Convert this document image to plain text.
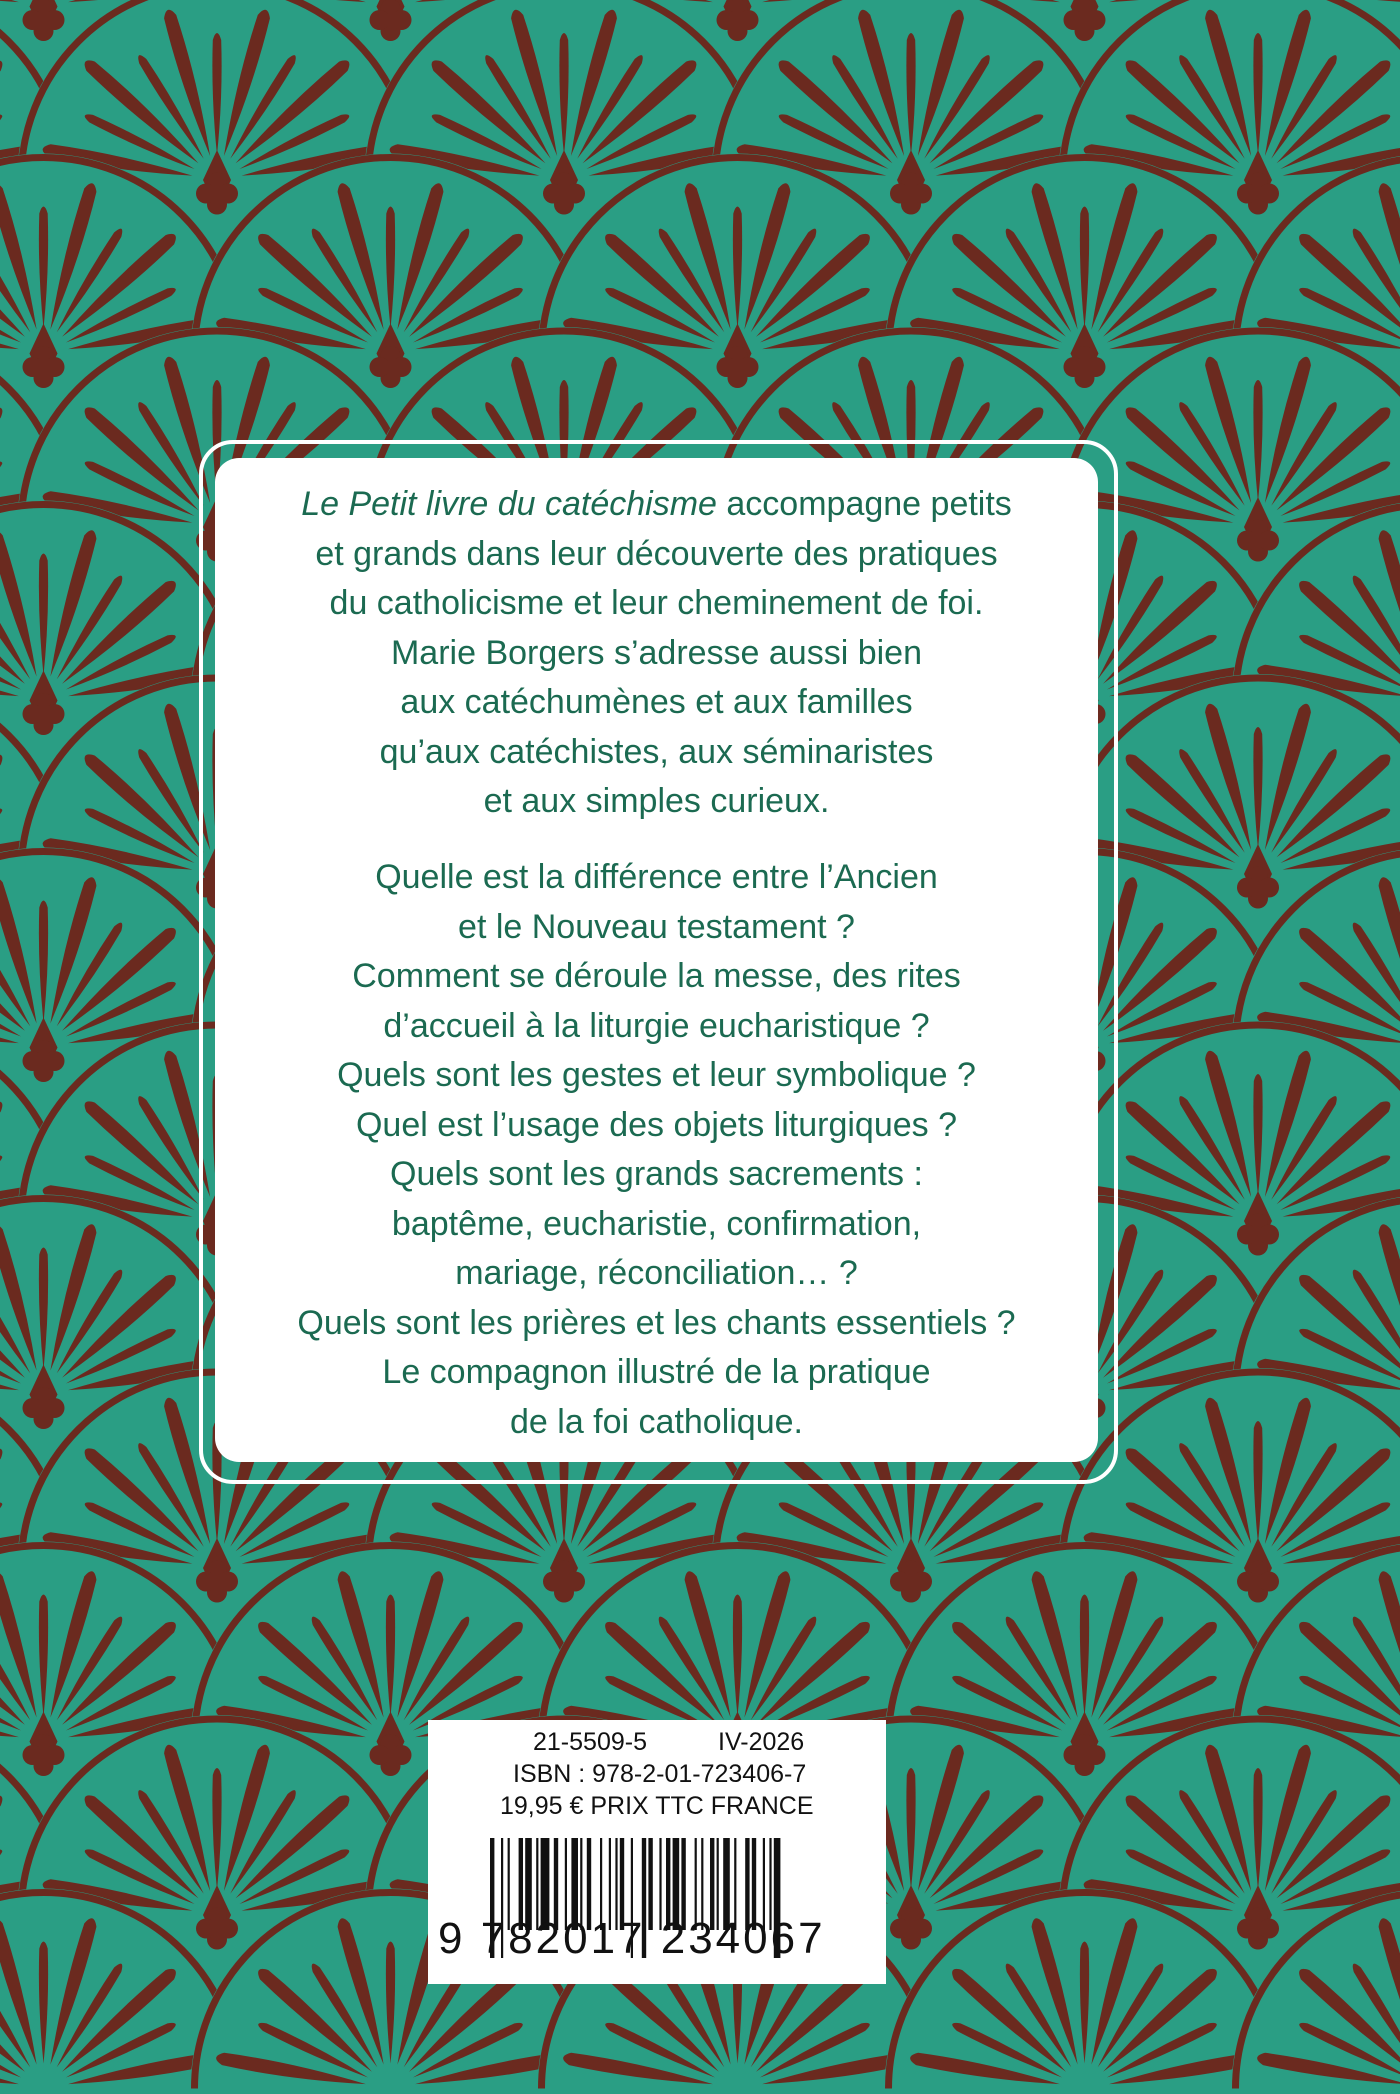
Le Petit livre du catéchisme accompagne petits
et grands dans leur découverte des pratiques
du catholicisme et leur cheminement de foi.
Marie Borgers s’adresse aussi bien
aux catéchumènes et aux familles
qu’aux catéchistes, aux séminaristes
et aux simples curieux.
Quelle est la différence entre l’Ancien
et le Nouveau testament ?
Comment se déroule la messe, des rites
d’accueil à la liturgie eucharistique ?
Quels sont les gestes et leur symbolique ?
Quel est l’usage des objets liturgiques ?
Quels sont les grands sacrements :
baptême, eucharistie, confirmation,
mariage, réconciliation… ?
Quels sont les prières et les chants essentiels ?
Le compagnon illustré de la pratique
de la foi catholique.
21-5509-5	IV-2026
ISBN : 978-2-01-723406-7
19,95 € PRIX TTC FRANCE
9 782017 234067
